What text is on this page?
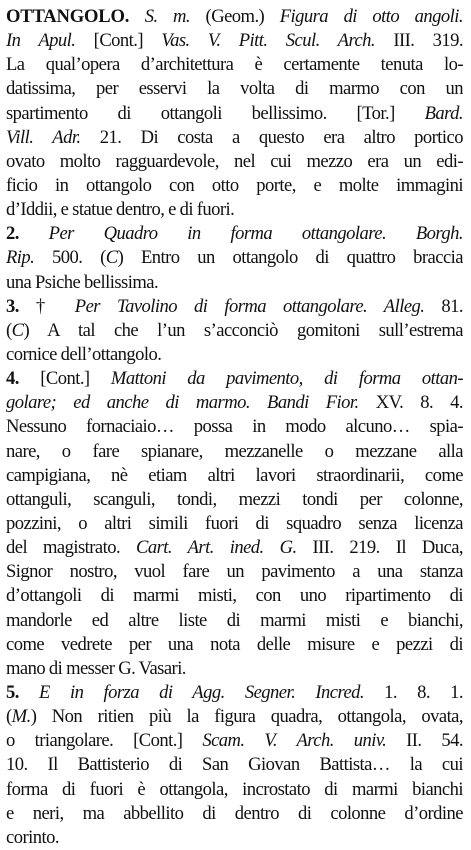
OTTANGOLO. S. m. (Geom.) Figura di otto angoli.
In Apul. [Cont.] Vas. V. Pitt. Scul. Arch. III. 319.
La qual’opera d’architettura è certamente tenuta lo-
datissima, per esservi la volta di marmo con un
spartimento di ottangoli bellissimo. [Tor.] Bard.
Vill. Adr. 21. Di costa a questo era altro portico
ovato molto ragguardevole, nel cui mezzo era un edi-
ficio in ottangolo con otto porte, e molte immagini
d’Iddii, e statue dentro, e di fuori.
2. Per Quadro in forma ottangolare. Borgh.
Rip. 500. (C) Entro un ottangolo di quattro braccia
una Psiche bellissima.
3. † Per Tavolino di forma ottangolare. Alleg. 81.
(C) A tal che l’un s’acconciò gomitoni sull’estrema
cornice dell’ottangolo.
4. [Cont.] Mattoni da pavimento, di forma ottan-
golare; ed anche di marmo. Bandi Fior. XV. 8. 4.
Nessuno fornaciaio… possa in modo alcuno… spia-
nare, o fare spianare, mezzanelle o mezzane alla
campigiana, nè etiam altri lavori straordinarii, come
ottanguli, scanguli, tondi, mezzi tondi per colonne,
pozzini, o altri simili fuori di squadro senza licenza
del magistrato. Cart. Art. ined. G. III. 219. Il Duca,
Signor nostro, vuol fare un pavimento a una stanza
d’ottangoli di marmi misti, con uno ripartimento di
mandorle ed altre liste di marmi misti e bianchi,
come vedrete per una nota delle misure e pezzi di
mano di messer G. Vasari.
5. E in forza di Agg. Segner. Incred. 1. 8. 1.
(M.) Non ritien più la figura quadra, ottangola, ovata,
o triangolare. [Cont.] Scam. V. Arch. univ. II. 54.
10. Il Battisterio di San Giovan Battista… la cui
forma di fuori è ottangola, incrostato di marmi bianchi
e neri, ma abbellito di dentro di colonne d’ordine
corinto.
